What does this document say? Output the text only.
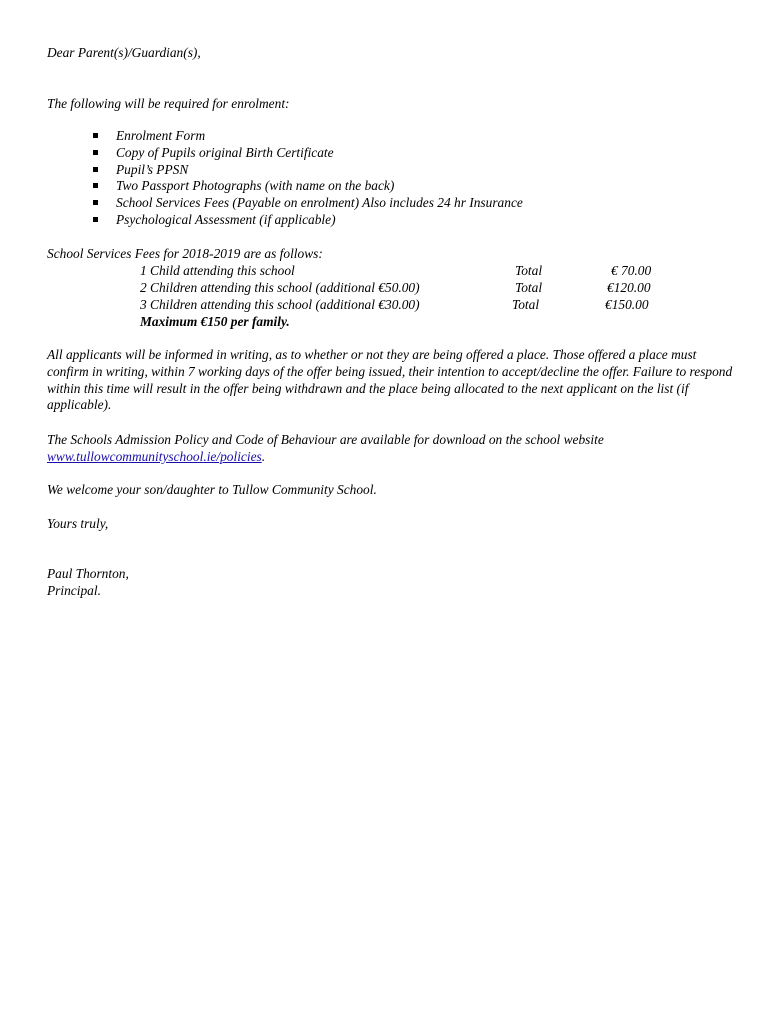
Dear Parent(s)/Guardian(s),
The following will be required for enrolment:
Enrolment Form
Copy of Pupils original Birth Certificate
Pupil’s PPSN
Two Passport Photographs (with name on the back)
School Services Fees (Payable on enrolment) Also includes 24 hr Insurance
Psychological Assessment (if applicable)
School Services Fees for 2018-2019 are as follows:
1 Child attending this school	Total	€ 70.00
2 Children attending this school (additional €50.00)	Total	€120.00
3 Children attending this school (additional €30.00)	Total	€150.00
Maximum €150 per family.
All applicants will be informed in writing, as to whether or not they are being offered a place. Those offered a place must confirm in writing, within 7 working days of the offer being issued, their intention to accept/decline the offer. Failure to respond within this time will result in the offer being withdrawn and the place being allocated to the next applicant on the list (if applicable).
The Schools Admission Policy and Code of Behaviour are available for download on the school website
www.tullowcommunityschool.ie/policies.
We welcome your son/daughter to Tullow Community School.
Yours truly,
Paul Thornton,
Principal.
